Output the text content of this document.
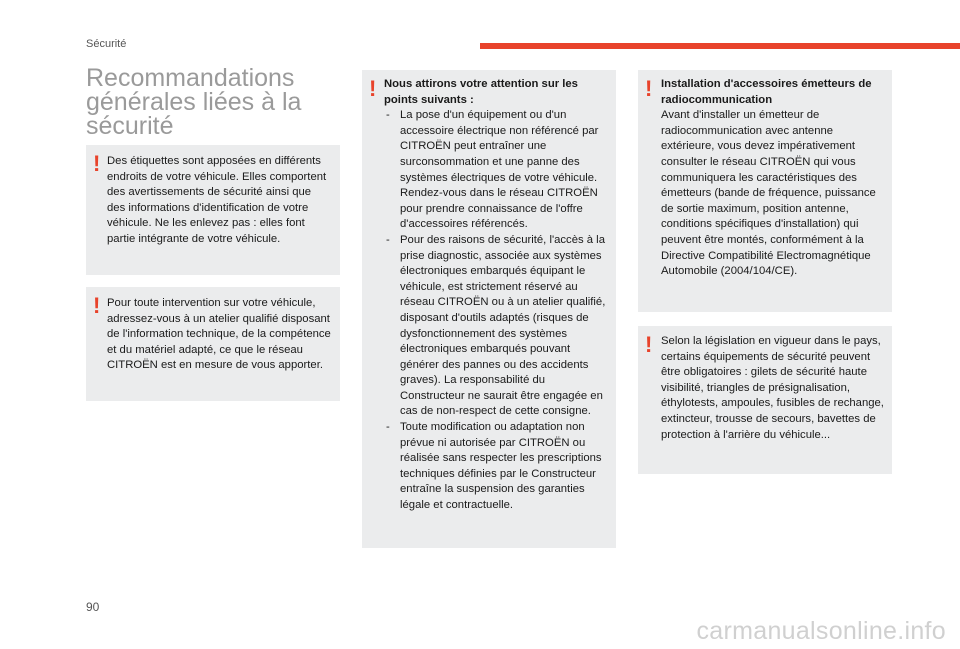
Sécurité
Recommandations générales liées à la sécurité
! Des étiquettes sont apposées en différents endroits de votre véhicule. Elles comportent des avertissements de sécurité ainsi que des informations d'identification de votre véhicule. Ne les enlevez pas : elles font partie intégrante de votre véhicule.

! Pour toute intervention sur votre véhicule, adressez-vous à un atelier qualifié disposant de l'information technique, de la compétence et du matériel adapté, ce que le réseau CITROËN est en mesure de vous apporter.

! Nous attirons votre attention sur les points suivants :

- La pose d'un équipement ou d'un accessoire électrique non référencé par CITROËN peut entraîner une surconsommation et une panne des systèmes électriques de votre véhicule. Rendez-vous dans le réseau CITROËN pour prendre connaissance de l'offre d'accessoires référencés.
- Pour des raisons de sécurité, l'accès à la prise diagnostic, associée aux systèmes électroniques embarqués équipant le véhicule, est strictement réservé au réseau CITROËN ou à un atelier qualifié, disposant d'outils adaptés (risques de dysfonctionnement des systèmes électroniques embarqués pouvant générer des pannes ou des accidents graves). La responsabilité du Constructeur ne saurait être engagée en cas de non-respect de cette consigne.
- Toute modification ou adaptation non prévue ni autorisée par CITROËN ou réalisée sans respecter les prescriptions techniques définies par le Constructeur entraîne la suspension des garanties légale et contractuelle.
! Installation d'accessoires émetteurs de radiocommunication

Avant d'installer un émetteur de radiocommunication avec antenne extérieure, vous devez impérativement consulter le réseau CITROËN qui vous communiquera les caractéristiques des émetteurs (bande de fréquence, puissance de sortie maximum, position antenne, conditions spécifiques d'installation) qui peuvent être montés, conformément à la Directive Compatibilité Electromagnétique Automobile (2004/104/CE).

! Selon la législation en vigueur dans le pays, certains équipements de sécurité peuvent être obligatoires : gilets de sécurité haute visibilité, triangles de présignalisation, éthylotests, ampoules, fusibles de rechange, extincteur, trousse de secours, bavettes de protection à l'arrière du véhicule...

90
carmanualsonline.info
